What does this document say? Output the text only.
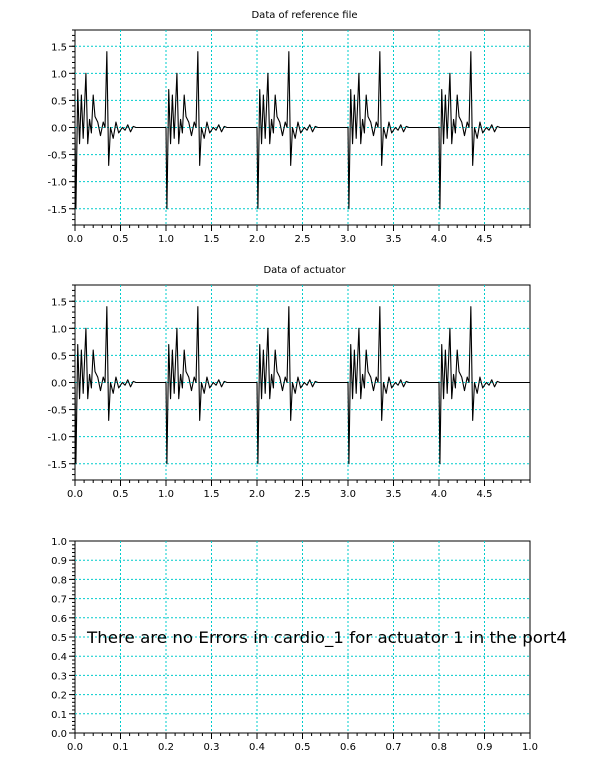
-1.5
-1.0
-0.5
0.0
0.5
1.0
1.5
0.0	0.5	1.0	1.5	2.0	2.5	3.0	3.5	4.0	4.5
Data of reference file
-1.5
-1.0
-0.5
0.0
0.5
1.0
1.5
0.0	0.5	1.0	1.5	2.0	2.5	3.0	3.5	4.0	4.5
Data of actuator
0.0
0.1
0.2
0.3
0.4
0.5
0.6
0.7
0.8
0.9
1.0
0.0	0.1	0.2	0.3	0.4	0.5	0.6	0.7	0.8	0.9	1.0
There are no Errors in cardio_1 for actuator 1 in the port4
